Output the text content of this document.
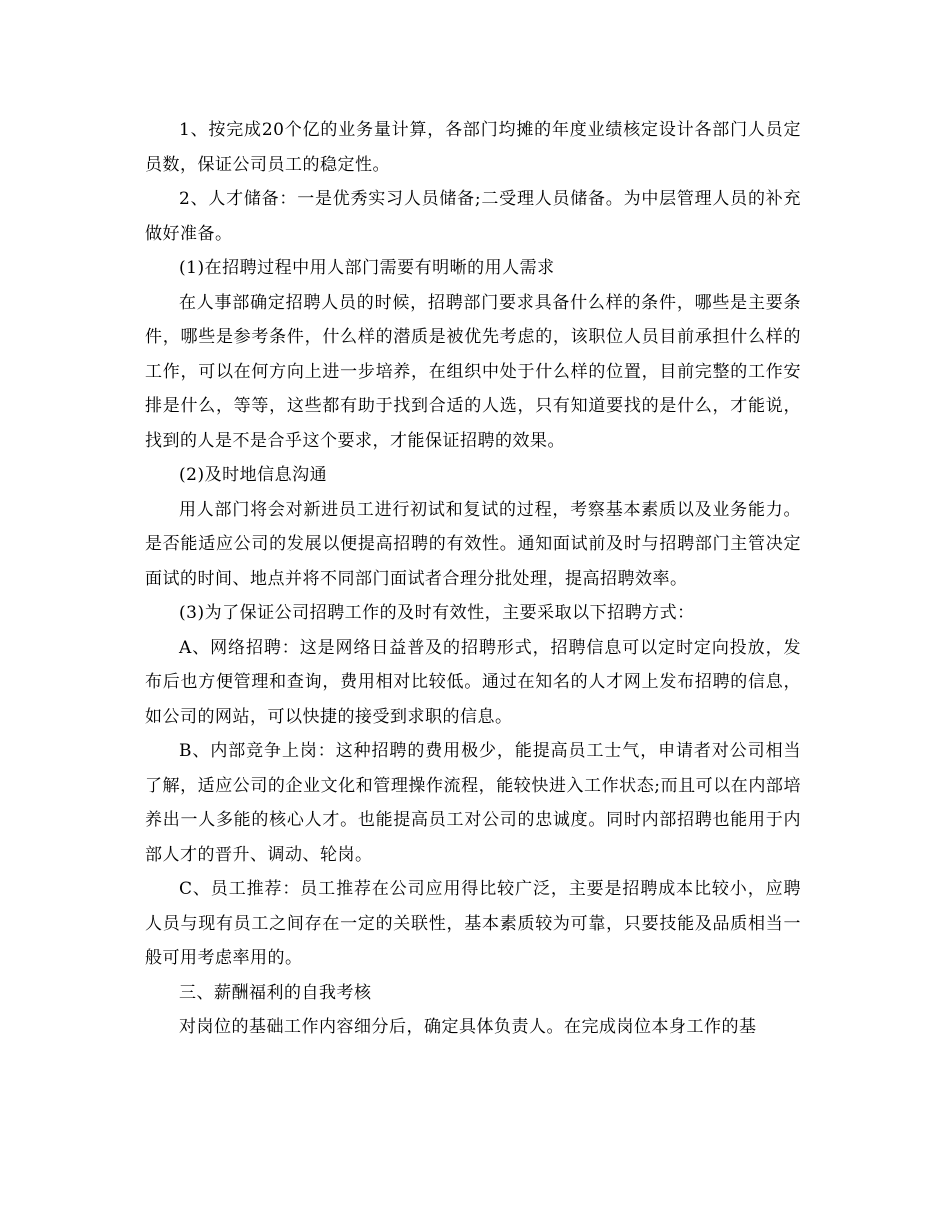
1、按完成20个亿的业务量计算，各部门均摊的年度业绩核定设计各部门人员定员数，保证公司员工的稳定性。

2、人才储备：一是优秀实习人员储备;二受理人员储备。为中层管理人员的补充做好准备。

(1)在招聘过程中用人部门需要有明晰的用人需求

在人事部确定招聘人员的时候，招聘部门要求具备什么样的条件，哪些是主要条件，哪些是参考条件，什么样的潜质是被优先考虑的，该职位人员目前承担什么样的工作，可以在何方向上进一步培养，在组织中处于什么样的位置，目前完整的工作安排是什么，等等，这些都有助于找到合适的人选，只有知道要找的是什么，才能说，找到的人是不是合乎这个要求，才能保证招聘的效果。

(2)及时地信息沟通

用人部门将会对新进员工进行初试和复试的过程，考察基本素质以及业务能力。是否能适应公司的发展以便提高招聘的有效性。通知面试前及时与招聘部门主管决定面试的时间、地点并将不同部门面试者合理分批处理，提高招聘效率。

(3)为了保证公司招聘工作的及时有效性，主要采取以下招聘方式：

A、网络招聘：这是网络日益普及的招聘形式，招聘信息可以定时定向投放，发布后也方便管理和查询，费用相对比较低。通过在知名的人才网上发布招聘的信息，如公司的网站，可以快捷的接受到求职的信息。

B、内部竞争上岗：这种招聘的费用极少，能提高员工士气，申请者对公司相当了解，适应公司的企业文化和管理操作流程，能较快进入工作状态;而且可以在内部培养出一人多能的核心人才。也能提高员工对公司的忠诚度。同时内部招聘也能用于内部人才的晋升、调动、轮岗。

C、员工推荐：员工推荐在公司应用得比较广泛，主要是招聘成本比较小，应聘人员与现有员工之间存在一定的关联性，基本素质较为可靠，只要技能及品质相当一般可用考虑率用的。

三、薪酬福利的自我考核

对岗位的基础工作内容细分后，确定具体负责人。在完成岗位本身工作的基
